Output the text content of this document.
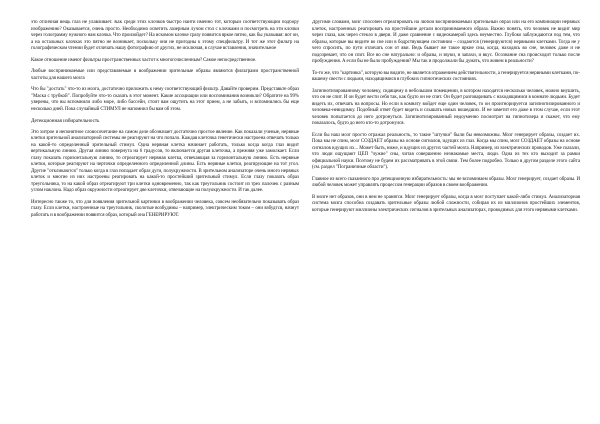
это отличная вещь глаз не улавливает. Как среди этих клочков быстро найти именно тот, который соответствующий подбору изображению? Оказывается, очень просто. Необходимо осветить лазерным лучом стол с клочками и посмотреть на эти клочки через голограмму нужного нам клочка. Что произойдет? На искомом клочке сразу появится яркое пятно, как бы указывая: вот он, а на остальных клочках это пятно не возникает, поскольку они не пригодны к этому спецфильтру. И тот же этот фильтр на голографическом чтении будет отличать нашу фотографию от других, не исключая, в случае вставления, значительное

Какое отношение имеют фильтры пространственных частот к многогочисленным? Самое непосредственное.

Любые воспринимаемые или представляемые в воображении зрительные образы являются фильтрами пространственной частоты для нашего мозга

Что бы "достать" что-то из мозга, достаточно приложить к нему соответствующий фильтр. Давайте проверим. Представьте образ "Маска с трубкой". Попробуйте что-то сказать в этот момент. Какие ассоциации или воспоминания возникли? Обратите на 99% уверены, что вы вспомнили либо море, либо бассейн, стоит вам ощутить на этот прием, а не забыть, и вспомнились бы еще несколько дней. Пока случайный СТИМУЛ не напомнил бы вам об этом.

Детекционная избирательность

Это хитрое и непонятное словосочетание на самом деле обозначает достаточно простое явление. Как показали ученые, нервные клетки зрительной анализаторной системы не реагируют на что попало. Каждая клеточка генетически настроена отвечать только на какой-то определенный зрительный стимул. Одна нервная клетка начинает работать, только когда когда глаз видит вертикальную линию. Другая линию повернута на 6 градусов, то включается другая клеточка, а прежняя уже замолкает. Если глазу показать горизонтальную линию, то отреагирует нервная клетка, отвечающая за горизонтальную линию. Есть нервные клетки, которые реагируют на черточки определенного определенной длины. Есть нервные клетки, реагирующие на тот угол. Другие "откликаются" только когда в глаз попадает образ дуги, полукружности. В зрительном анализаторе очень много нервных клеток и многие из них настроены реагировать на какой-то простейший зрительный стимул. Если глазу показать образ треугольника, то на какой образ отреагируют три клетки одновременно, так как треугольник состоит из трех палочек с разным углом наклона. Надо образ окружности отреагирует две клеточки, отвечающие на полуокружности. И так далее.

Интересно также то, что для появления зрительной картинки в воображении человека, совсем необязательно показывать образ глазу. Если клетки, настроенные на треугольник, сколотые возбудимы – например, электрическим током – они взбудтся, начнут работать и в воображении появится образ, который она ГЕНЕРИРУЮТ.

Другими словами, мозг способен отреагировать на любой воспринимаемый зрительный образ или на его комбинации нервных клеток, настроенных реагировать на простейшие детали воспринимаемого образа. Важно понять, что человек не видит мир через глаза, как через стекло в двери. И даже сравнение с видеокамерой здесь неуместно. Глубоко заблуждаются под тем, что образы, которые вы видите во сне или в бодрствующем состоянии – создаются (генерируются) нервными клетками. Тогда не у чего спросить, по пути отличать сон от яви. Ведь бывает же такое яркие сны, когда, находясь во сне, человек даже и не подозревает, что он спит. Все во сне натурально: и образы, и звуки, и запахи, и вкус. Осознание сна происходит только после пробуждения. А если бы не было пробуждения? Мы так и продолжали бы думать, что живем в реальности?

То-то же, что "картинка", которую вы видите, не является отражением действительности, а генерируется нервными клетками, по-вашему свести с людьми, находящимися в глубоких гипнотических состояниях.

Загипнотизированному человеку, сидящему в небольшом помещении, в котором находятся несколько человек, можно внушить, что он не спит. И он будет вести себя так, как будто он не спит. Он будет разговаривать с находящимися в комнате людьми. Будет видеть их, отвечать на вопросы. Но если в комнату войдет еще один человек, то он проигнорируется загипнотизированного и человека-невидимку. Подобный ответ будет видеть и слышать новых вошедших. И не заметит его даже в этом случае, если этот человек попытается до него дотронуться. Загипнотизированный недоуменно посмотрит на гипнотизера и скажет, что ему показалось, будто до него кто-то дотронулся.

Если бы наш мозг просто отражал реальность, то такие "штучки" были бы невозможны. Мозг генерирует образы, создает их. Пока мы не спим, мозг СОЗДАЕТ образы на основе сигналов, идущих из глаз. Когда мы спим, мозг СОЗДАЕТ образы на основе сигналов идущих их... Может быть, ниже, и идущих из других частей мозга. Например, из электрических проводов. Уже сказали, что люди ощущают ЦЕП "чужие" сны, читая совершенно незнакомые места, люди. Одна из тех кто выходит за рамки официальной науки. Поэтому не будем их рассматривать в этой связи. Тем более подробно. Только в другом разделе этого сайта (см. раздел "Пограничные области").

Главное из всего сказанного про детекционную избирательность: мы не вспоминаем образы. Мозг генерирует, создает образы. И любой человек может управлять процессом генерации образов в своем воображении.

В мозге нет образов, они в нем не хранятся. Мозг генерирует образы, когда в мозг поступает какой-либо стимул. Анализаторная система мозга способна создавать зрительные образы любой сложности, собирая их из миллионов простейших элементов, которые генерируют миллионы электрических сигналов в зрительных анализаторах, проводимых для этого нервными клетками.
